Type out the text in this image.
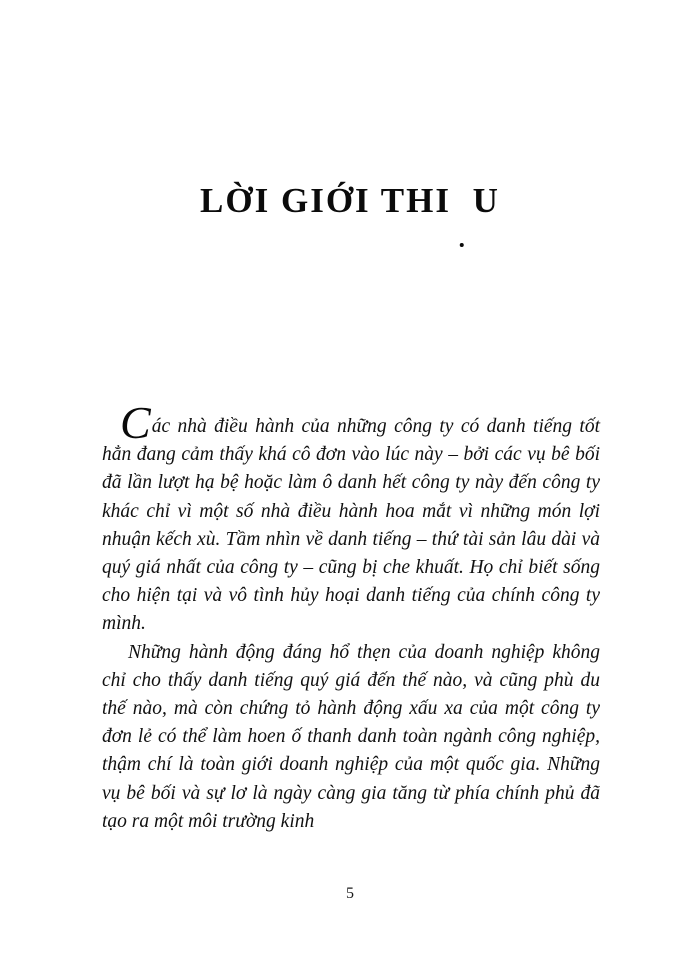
LỜI GIỚI THI U

Các nhà điều hành của những công ty có danh tiếng tốt hẳn đang cảm thấy khá cô đơn vào lúc này – bởi các vụ bê bối đã lần lượt hạ bệ hoặc làm ô danh hết công ty này đến công ty khác chỉ vì một số nhà điều hành hoa mắt vì những món lợi nhuận kếch xù. Tầm nhìn về danh tiếng – thứ tài sản lâu dài và quý giá nhất của công ty – cũng bị che khuất. Họ chỉ biết sống cho hiện tại và vô tình hủy hoại danh tiếng của chính công ty mình.

Những hành động đáng hổ thẹn của doanh nghiệp không chỉ cho thấy danh tiếng quý giá đến thế nào, và cũng phù du thế nào, mà còn chứng tỏ hành động xấu xa của một công ty đơn lẻ có thể làm hoen ố thanh danh toàn ngành công nghiệp, thậm chí là toàn giới doanh nghiệp của một quốc gia. Những vụ bê bối và sự lơ là ngày càng gia tăng từ phía chính phủ đã tạo ra một môi trường kinh

5
